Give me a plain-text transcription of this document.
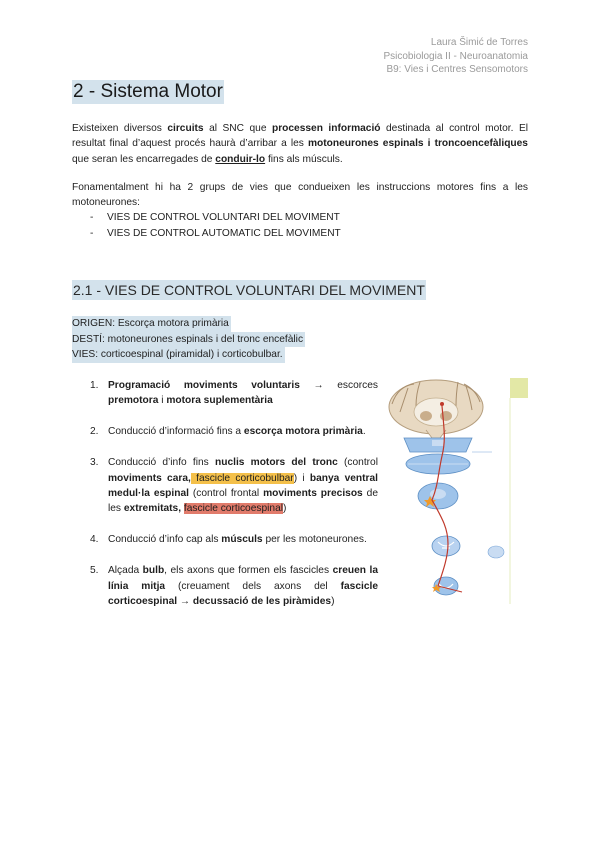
Laura Šimić de Torres
Psicobiologia II - Neuroanatomia
B9: Vies i Centres Sensomotors
2 - Sistema Motor
Existeixen diversos circuits al SNC que processen informació destinada al control motor. El resultat final d’aquest procés haurà d’arribar a les motoneurones espinals i troncoencefàliques que seran les encarregades de conduir-lo fins als músculs.
Fonamentalment hi ha 2 grups de vies que condueixen les instruccions motores fins a les motoneurones:
-	VIES DE CONTROL VOLUNTARI DEL MOVIMENT
-	VIES DE CONTROL AUTOMATIC DEL MOVIMENT
2.1 - VIES DE CONTROL VOLUNTARI DEL MOVIMENT
ORIGEN: Escorça motora primària
DESTÍ: motoneurones espinals i del tronc encefàlic
VIES: corticoespinal (piramidal) i corticobulbar.
1. Programació moviments voluntaris → escorces premotora i motora suplementària
2. Conducció d’informació fins a escorça motora primària.
3. Conducció d’info fins nuclis motors del tronc (control moviments cara, fascicle corticobulbar) i banya ventral medul·la espinal (control frontal moviments precisos de les extremitats, fascicle corticoespinal)
4. Conducció d’info cap als músculs per les motoneurones.
5. Alçada bulb, els axons que formen els fascicles creuen la línia mitja (creuament dels axons del fascicle corticoespinal → decussació de les piràmides)
